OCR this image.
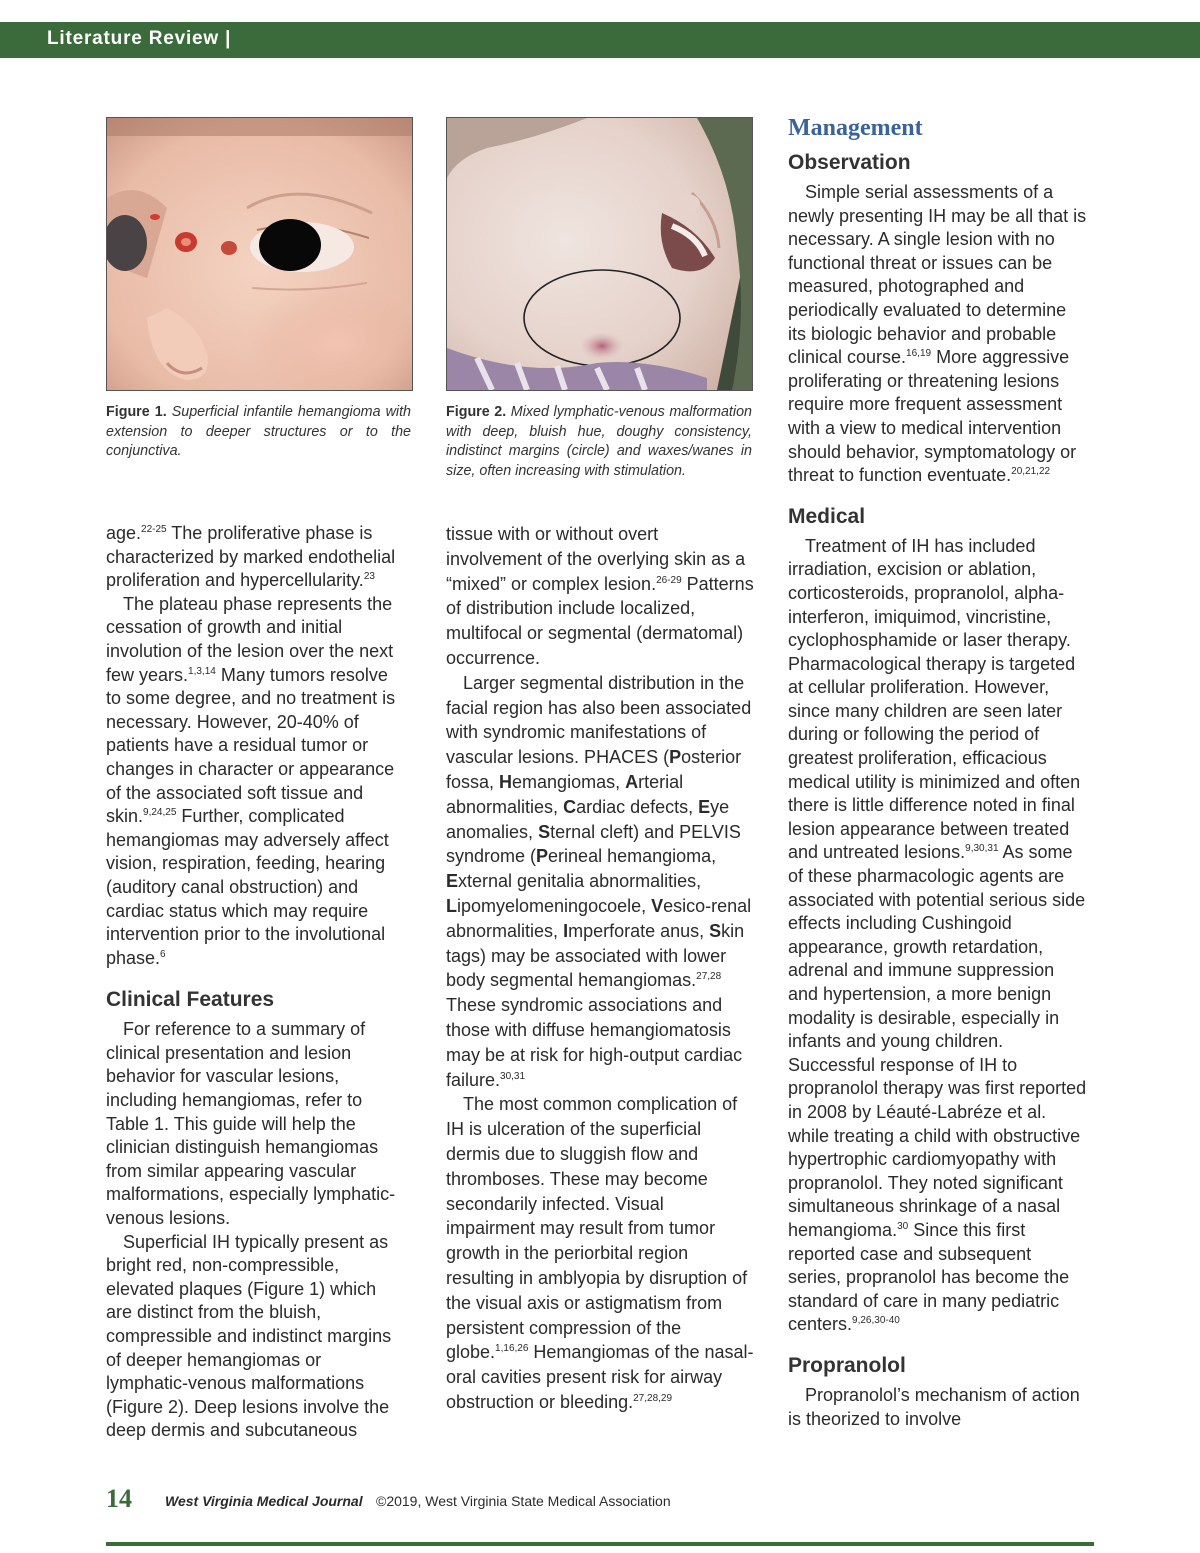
Literature Review |
Figure 1. Superficial infantile hemangioma with extension to deeper structures or to the conjunctiva.
Figure 2. Mixed lymphatic-venous malformation with deep, bluish hue, doughy consistency, indistinct margins (circle) and waxes/wanes in size, often increasing with stimulation.

age.$^{22-25}$ The proliferative phase is characterized by marked endothelial proliferation and hypercellularity.$^{23}$

The plateau phase represents the cessation of growth and initial involution of the lesion over the next few years.$^{1,3,14}$ Many tumors resolve to some degree, and no treatment is necessary. However, 20-40% of patients have a residual tumor or changes in character or appearance of the associated soft tissue and skin.$^{9,24,25}$ Further, complicated hemangiomas may adversely affect vision, respiration, feeding, hearing (auditory canal obstruction) and cardiac status which may require intervention prior to the involutional phase.$^6$

Clinical Features

For reference to a summary of clinical presentation and lesion behavior for vascular lesions, including hemangiomas, refer to Table 1. This guide will help the clinician distinguish hemangiomas from similar appearing vascular malformations, especially lymphatic-venous lesions.

Superficial IH typically present as bright red, non-compressible, elevated plaques (Figure 1) which are distinct from the bluish, compressible and indistinct margins of deeper hemangiomas or lymphatic-venous malformations (Figure 2). Deep lesions involve the deep dermis and subcutaneous

tissue with or without overt involvement of the overlying skin as a “mixed” or complex lesion.$^{26-29}$ Patterns of distribution include localized, multifocal or segmental (dermatomal) occurrence.

Larger segmental distribution in the facial region has also been associated with syndromic manifestations of vascular lesions. PHACES (Posterior fossa, Hemangiomas, Arterial abnormalities, Cardiac defects, Eye anomalies, Sternal cleft) and PELVIS syndrome (Perineal hemangioma, External genitalia abnormalities, Lipomyelomeningocoele, Vesico-renal abnormalities, Imperforate anus, Skin tags) may be associated with lower body segmental hemangiomas.$^{27,28}$ These syndromic associations and those with diffuse hemangiomatosis may be at risk for high-output cardiac failure.$^{30,31}$

The most common complication of IH is ulceration of the superficial dermis due to sluggish flow and thromboses. These may become secondarily infected. Visual impairment may result from tumor growth in the periorbital region resulting in amblyopia by disruption of the visual axis or astigmatism from persistent compression of the globe.$^{1,16,26}$ Hemangiomas of the nasal-oral cavities present risk for airway obstruction or bleeding.$^{27,28,29}$

Management
Observation

Simple serial assessments of a newly presenting IH may be all that is necessary. A single lesion with no functional threat or issues can be measured, photographed and periodically evaluated to determine its biologic behavior and probable clinical course.$^{16,19}$ More aggressive proliferating or threatening lesions require more frequent assessment with a view to medical intervention should behavior, symptomatology or threat to function eventuate.$^{20,21,22}$

Medical

Treatment of IH has included irradiation, excision or ablation, corticosteroids, propranolol, alpha-interferon, imiquimod, vincristine, cyclophosphamide or laser therapy. Pharmacological therapy is targeted at cellular proliferation. However, since many children are seen later during or following the period of greatest proliferation, efficacious medical utility is minimized and often there is little difference noted in final lesion appearance between treated and untreated lesions.$^{9,30,31}$ As some of these pharmacologic agents are associated with potential serious side effects including Cushingoid appearance, growth retardation, adrenal and immune suppression and hypertension, a more benign modality is desirable, especially in infants and young children. Successful response of IH to propranolol therapy was first reported in 2008 by Léauté-Labréze et al. while treating a child with obstructive hypertrophic cardiomyopathy with propranolol. They noted significant simultaneous shrinkage of a nasal hemangioma.$^{30}$ Since this first reported case and subsequent series, propranolol has become the standard of care in many pediatric centers.$^{9,26,30-40}$

Propranolol

Propranolol’s mechanism of action is theorized to involve

14 West Virginia Medical Journal ©2019, West Virginia State Medical Association
